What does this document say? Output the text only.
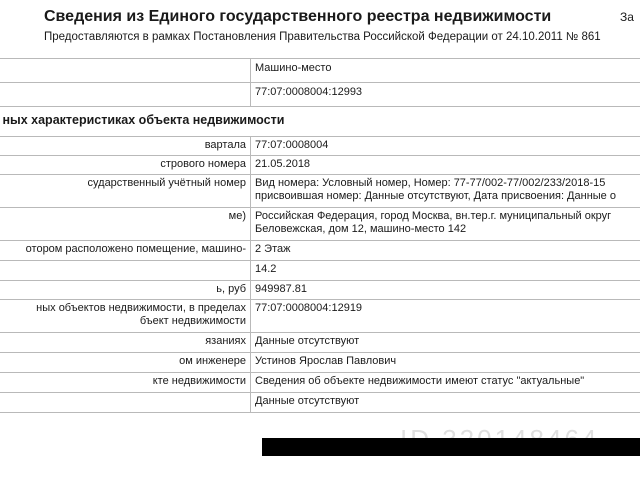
Сведения из Единого государственного реестра недвижимости	За
Предоставляются в рамках Постановления Правительства Российской Федерации от 24.10.2011 № 861
	Машино-место
	77:07:0008004:12993
ных характеристиках объекта недвижимости	
вартала	77:07:0008004
стрового номера	21.05.2018
сударственный учётный номер	Вид номера: Условный номер, Номер: 77-77/002-77/002/233/2018-15
присвоившая номер: Данные отсутствуют, Дата присвоения: Данные о

ме)	Российская Федерация, город Москва, вн.тер.г. муниципальный округ
Беловежская, дом 12, машино-место 142

отором расположено помещение, машино-	2 Этаж
	14.2
ь, руб	949987.81

ных объектов недвижимости, в пределах
бъект недвижимости	77:07:0008004:12919
язаниях	Данные отсутствуют
ом инженере	Устинов Ярослав Павлович
кте недвижимости	Сведения об объекте недвижимости имеют статус "актуальные"
	Данные отсутствуют
